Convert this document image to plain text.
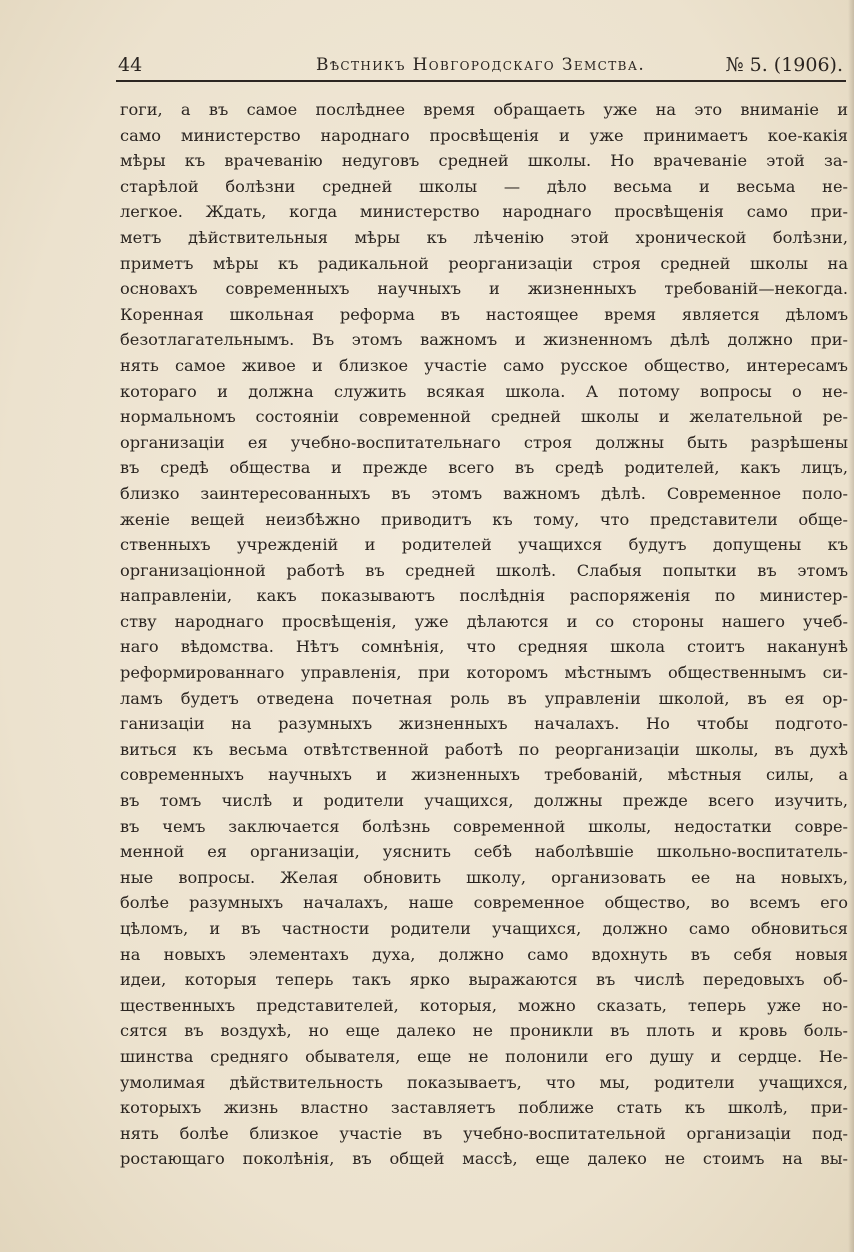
44	Вѣстникъ Новгородскаго Земства.	№ 5. (1906).
гоги, а въ самое послѣднее время обращаеть уже на это вниманіе и
само министерство народнаго просвѣщенія и уже принимаетъ кое-какія
мѣры къ врачеванію недуговъ средней школы. Но врачеваніе этой за-
старѣлой болѣзни средней школы — дѣло весьма и весьма не-
легкое. Ждать, когда министерство народнаго просвѣщенія само при-
метъ дѣйствительныя мѣры къ лѣченію этой хронической болѣзни,
приметъ мѣры къ радикальной реорганизаціи строя средней школы на
основахъ современныхъ научныхъ и жизненныхъ требованій—некогда.
Коренная школьная реформа въ настоящее время является дѣломъ
безотлагательнымъ. Въ этомъ важномъ и жизненномъ дѣлѣ должно при-
нять самое живое и близкое участіе само русское общество, интересамъ
котораго и должна служить всякая школа. А потому вопросы о не-
нормальномъ состояніи современной средней школы и желательной ре-
организаціи ея учебно-воспитательнаго строя должны быть разрѣшены
въ средѣ общества и прежде всего въ средѣ родителей, какъ лицъ,
близко заинтересованныхъ въ этомъ важномъ дѣлѣ. Современное поло-
женіе вещей неизбѣжно приводитъ къ тому, что представители обще-
ственныхъ учрежденій и родителей учащихся будутъ допущены къ
организаціонной работѣ въ средней школѣ. Слабыя попытки въ этомъ
направленіи, какъ показываютъ послѣднія распоряженія по министер-
ству народнаго просвѣщенія, уже дѣлаются и со стороны нашего учеб-
наго вѣдомства. Нѣтъ сомнѣнія, что средняя школа стоитъ наканунѣ
реформированнаго управленія, при которомъ мѣстнымъ общественнымъ си-
ламъ будетъ отведена почетная роль въ управленіи школой, въ ея ор-
ганизаціи на разумныхъ жизненныхъ началахъ. Но чтобы подгото-
виться къ весьма отвѣтственной работѣ по реорганизаціи школы, въ духѣ
современныхъ научныхъ и жизненныхъ требованій, мѣстныя силы, а
въ томъ числѣ и родители учащихся, должны прежде всего изучить,
въ чемъ заключается болѣзнь современной школы, недостатки совре-
менной ея организаціи, уяснить себѣ наболѣвшіе школьно-воспитатель-
ные вопросы. Желая обновить школу, организовать ее на новыхъ,
болѣе разумныхъ началахъ, наше современное общество, во всемъ его
цѣломъ, и въ частности родители учащихся, должно само обновиться
на новыхъ элементахъ духа, должно само вдохнуть въ себя новыя
идеи, которыя теперь такъ ярко выражаются въ числѣ передовыхъ об-
щественныхъ представителей, которыя, можно сказать, теперь уже но-
сятся въ воздухѣ, но еще далеко не проникли въ плоть и кровь боль-
шинства средняго обывателя, еще не полонили его душу и сердце. Не-
умолимая дѣйствительность показываетъ, что мы, родители учащихся,
которыхъ жизнь властно заставляетъ поближе стать къ школѣ, при-
нять болѣе близкое участіе въ учебно-воспитательной организаціи под-
ростающаго поколѣнія, въ общей массѣ, еще далеко не стоимъ на вы-
